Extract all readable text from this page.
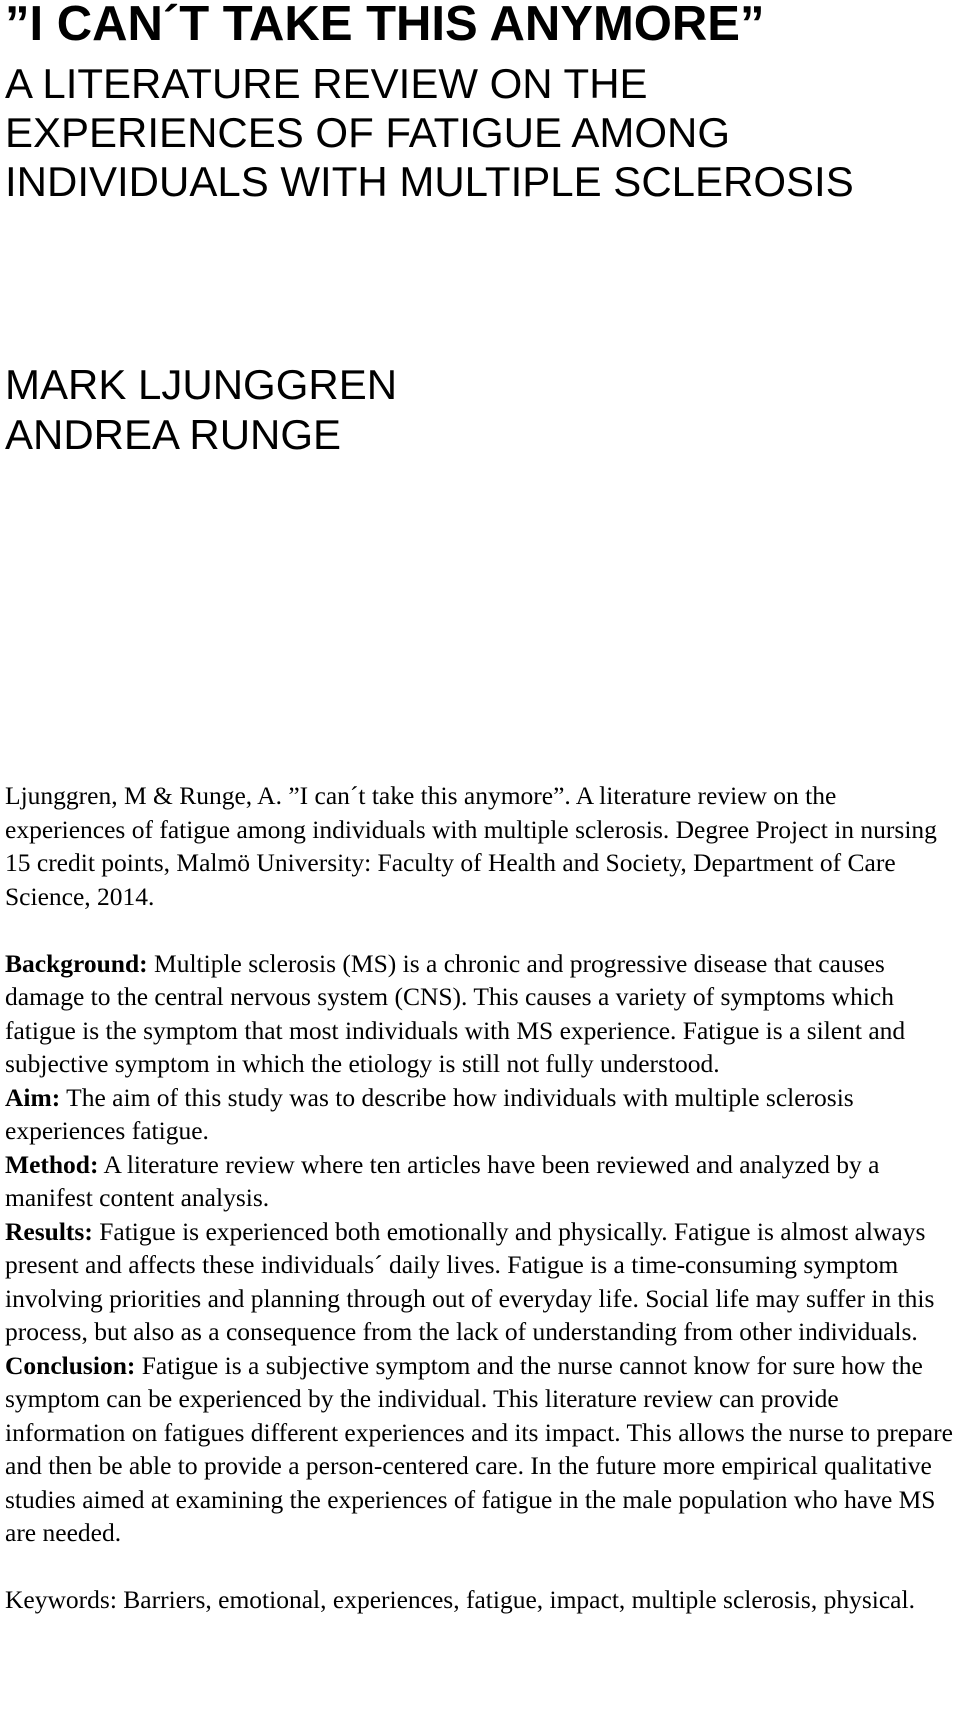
”I CAN´T TAKE THIS ANYMORE”
A LITERATURE REVIEW ON THE
EXPERIENCES OF FATIGUE AMONG
INDIVIDUALS WITH MULTIPLE SCLEROSIS
MARK LJUNGGREN
ANDREA RUNGE

Ljunggren, M & Runge, A. ”I can´t take this anymore”. A literature review on the experiences of fatigue among individuals with multiple sclerosis. Degree Project in nursing 15 credit points, Malmö University: Faculty of Health and Society, Department of Care Science, 2014.

Background: Multiple sclerosis (MS) is a chronic and progressive disease that causes damage to the central nervous system (CNS). This causes a variety of symptoms which fatigue is the symptom that most individuals with MS experience. Fatigue is a silent and subjective symptom in which the etiology is still not fully understood.

Aim: The aim of this study was to describe how individuals with multiple sclerosis experiences fatigue.

Method: A literature review where ten articles have been reviewed and analyzed by a manifest content analysis.

Results: Fatigue is experienced both emotionally and physically. Fatigue is almost always present and affects these individuals´ daily lives. Fatigue is a time-consuming symptom involving priorities and planning through out of everyday life. Social life may suffer in this process, but also as a consequence from the lack of understanding from other individuals.

Conclusion: Fatigue is a subjective symptom and the nurse cannot know for sure how the symptom can be experienced by the individual. This literature review can provide information on fatigues different experiences and its impact. This allows the nurse to prepare and then be able to provide a person-centered care. In the future more empirical qualitative studies aimed at examining the experiences of fatigue in the male population who have MS are needed.

Keywords: Barriers, emotional, experiences, fatigue, impact, multiple sclerosis, physical.
